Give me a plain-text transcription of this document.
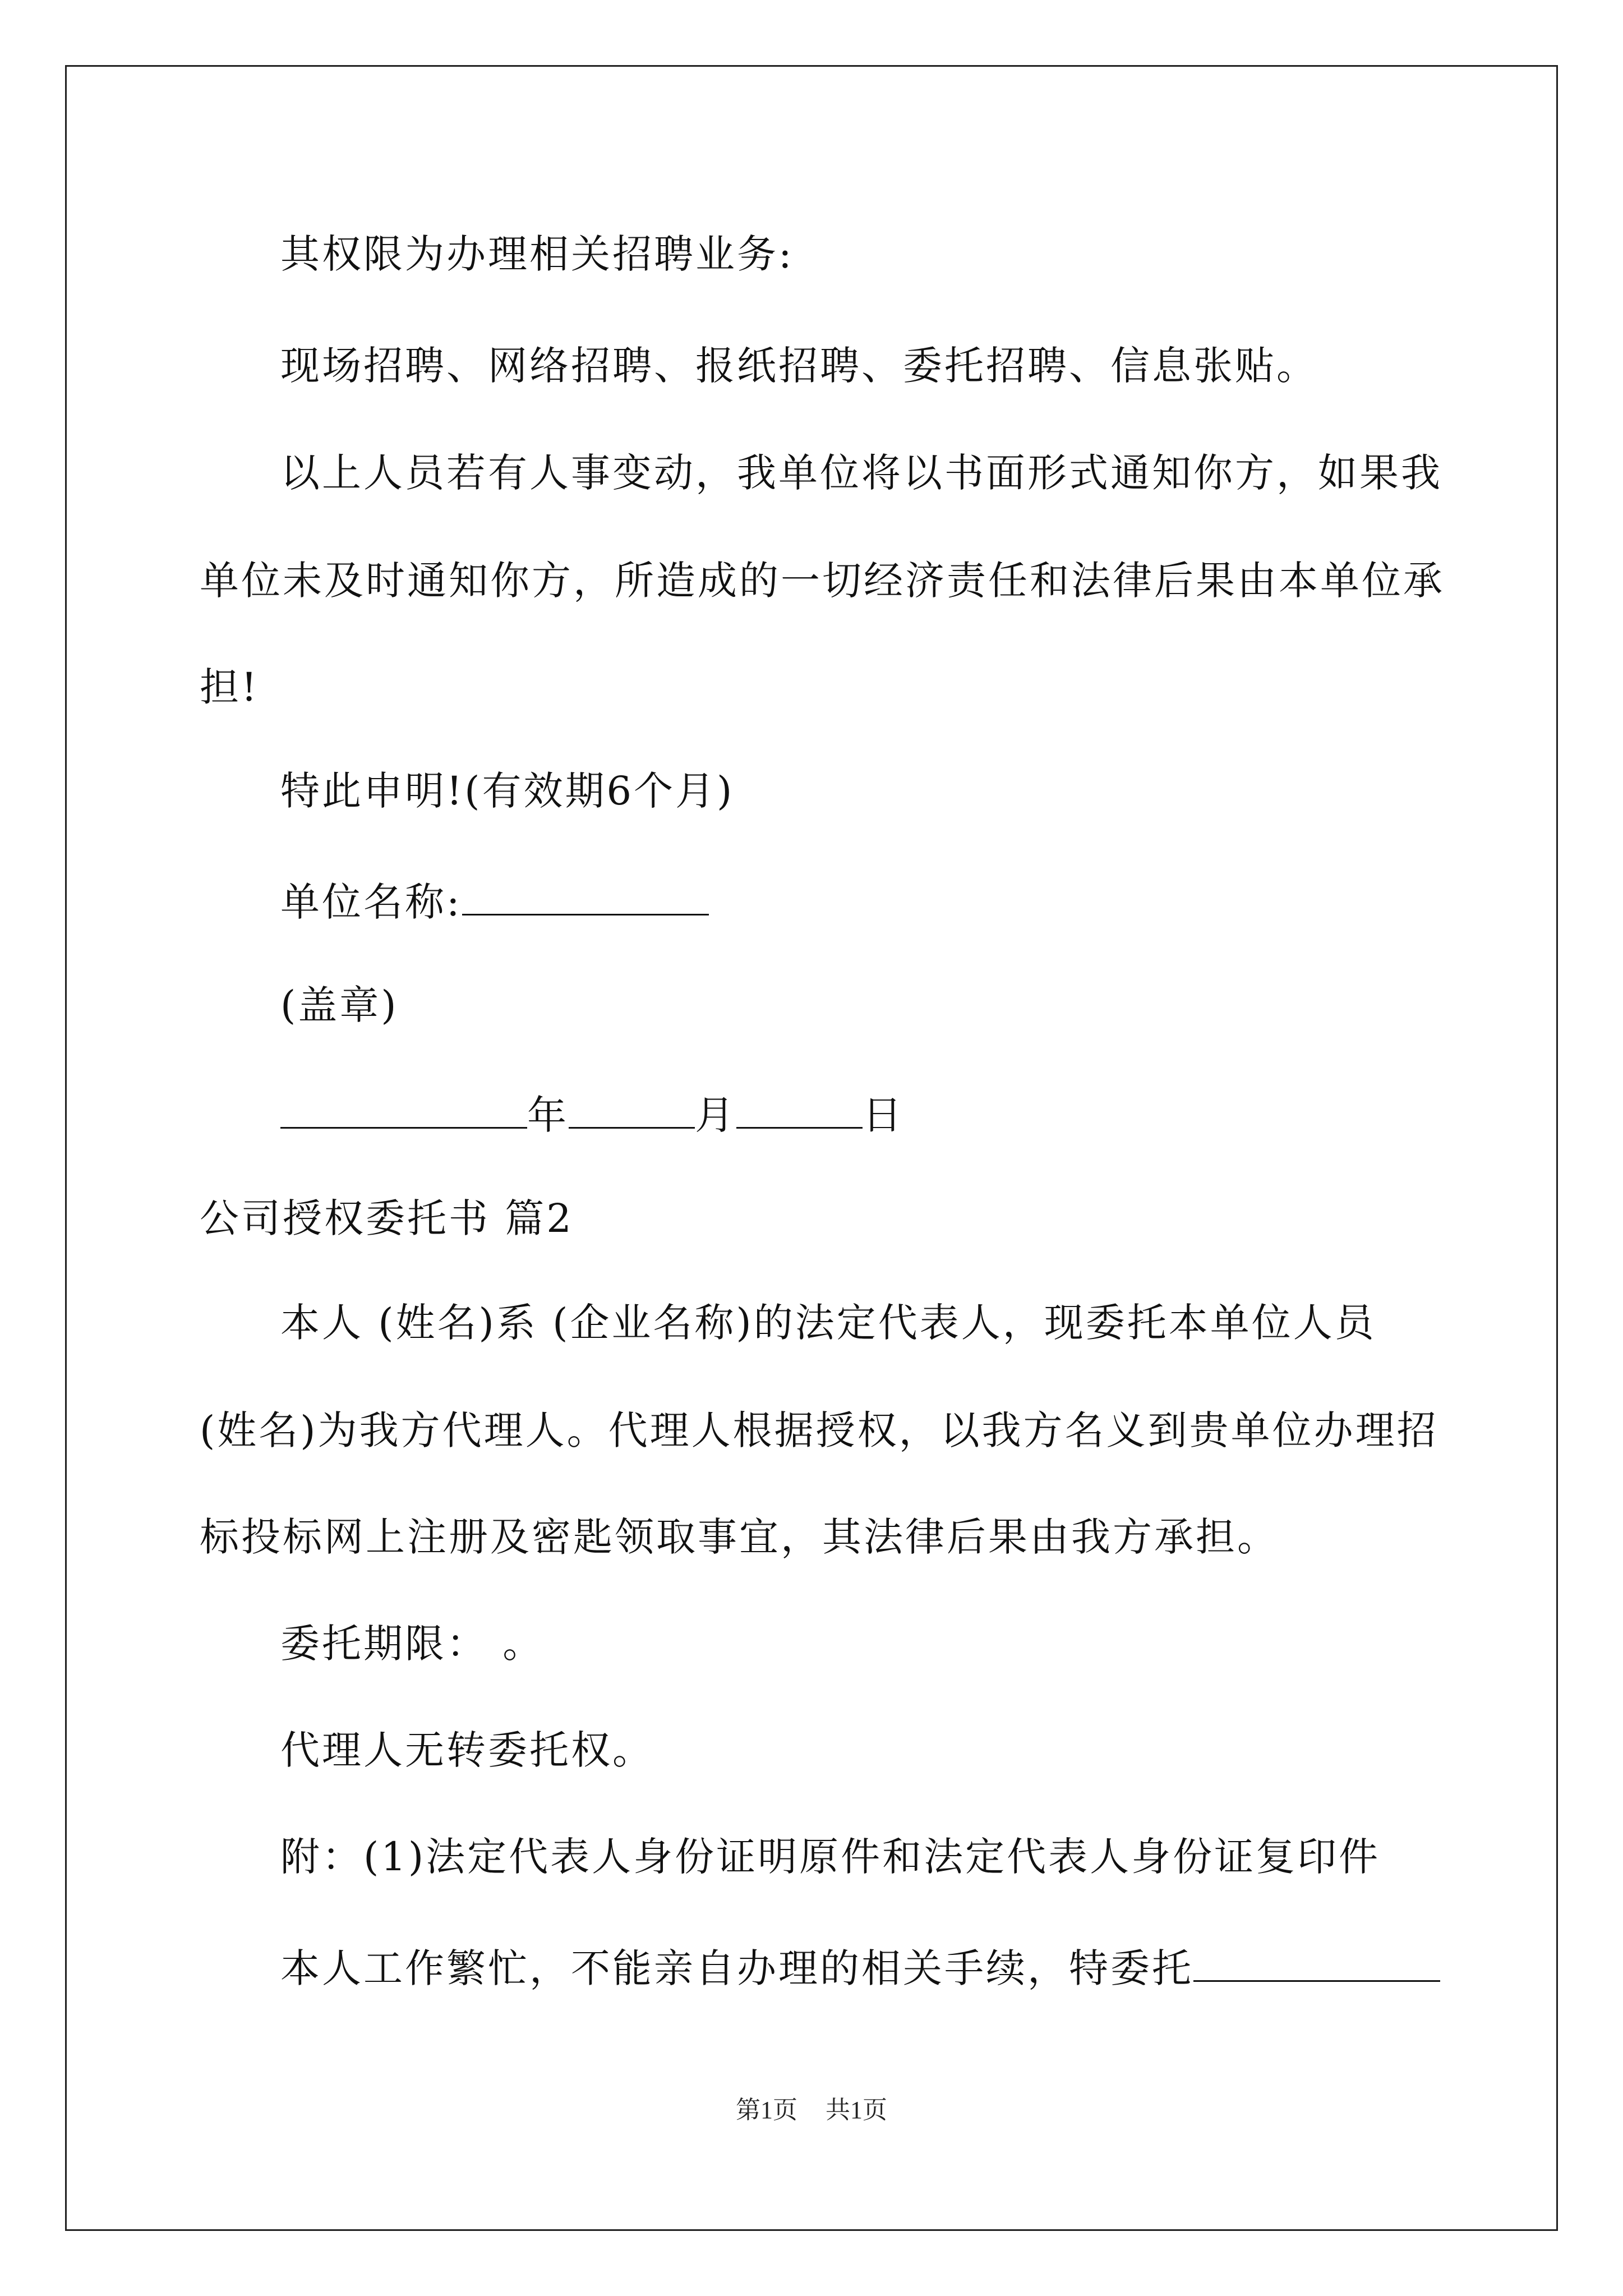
其权限为办理相关招聘业务:
现场招聘、网络招聘、报纸招聘、委托招聘、信息张贴。
以上人员若有人事变动，我单位将以书面形式通知你方，如果我
单位未及时通知你方，所造成的一切经济责任和法律后果由本单位承
担!
特此申明!(有效期6个月)
单位名称:
(盖章)
年	月	日
公司授权委托书 篇2
本人 (姓名)系 (企业名称)的法定代表人，现委托本单位人员
(姓名)为我方代理人。代理人根据授权，以我方名义到贵单位办理招
标投标网上注册及密匙领取事宜，其法律后果由我方承担。
委托期限： 。
代理人无转委托权。
附：(1)法定代表人身份证明原件和法定代表人身份证复印件
本人工作繁忙，不能亲自办理的相关手续，特委托
第1页 共1页
